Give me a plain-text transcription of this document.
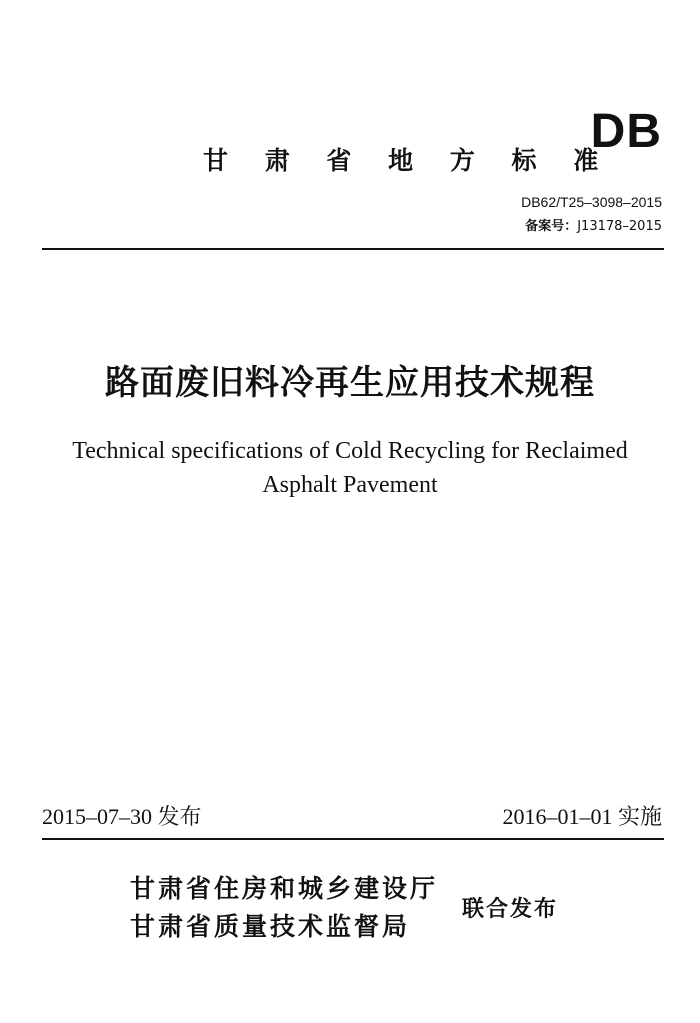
DB
甘 肃 省 地 方 标 准
DB62/T25–3098–2015
备案号：J13178–2015
路面废旧料冷再生应用技术规程
Technical specifications of Cold Recycling for Reclaimed
Asphalt Pavement
2015–07–30 发布	2016–01–01 实施
甘肃省住房和城乡建设厅
甘肃省质量技术监督局
联合发布
